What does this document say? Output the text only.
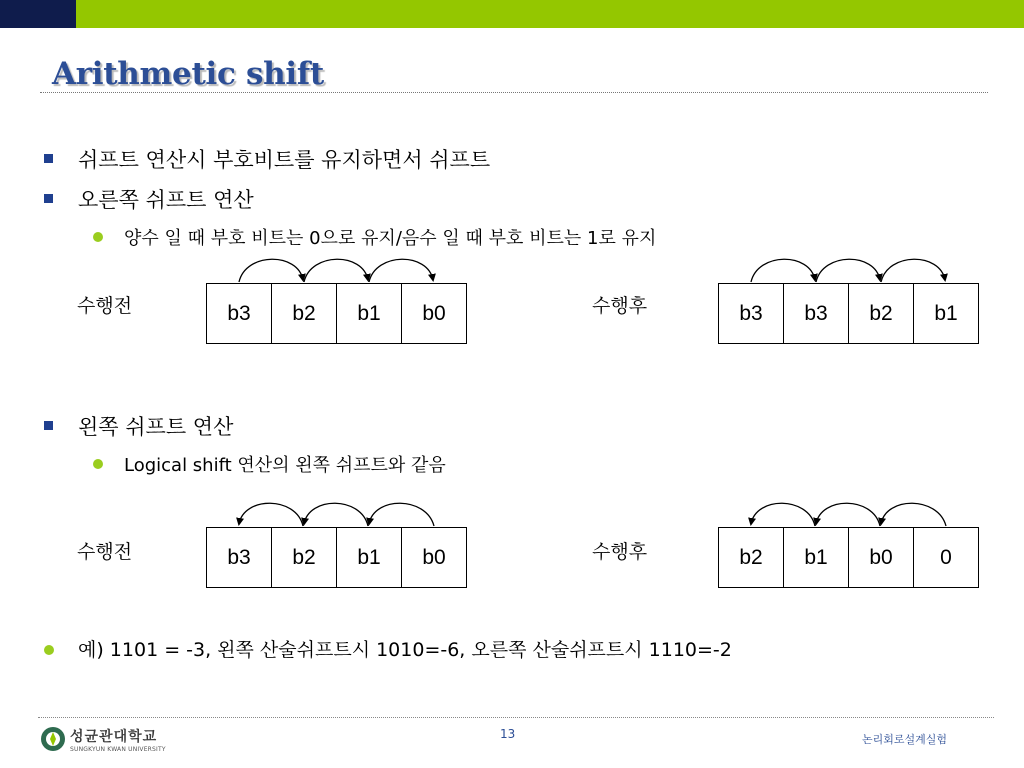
Arithmetic shift
쉬프트 연산시 부호비트를 유지하면서 쉬프트
오른쪽 쉬프트 연산
양수 일 때 부호 비트는 0으로 유지/음수 일 때 부호 비트는 1로 유지
수행전	b3	b2	b1	b0	수행후	b3	b3	b2	b1
왼쪽 쉬프트 연산
Logical shift 연산의 왼쪽 쉬프트와 같음
수행전	b3	b2	b1	b0	수행후	b2	b1	b0	0
예) 1101 = -3, 왼쪽 산술쉬프트시 1010=-6, 오른쪽 산술쉬프트시 1110=-2
성균관대학교
SUNGKYUN KWAN UNIVERSITY
13	논리회로설계실험
